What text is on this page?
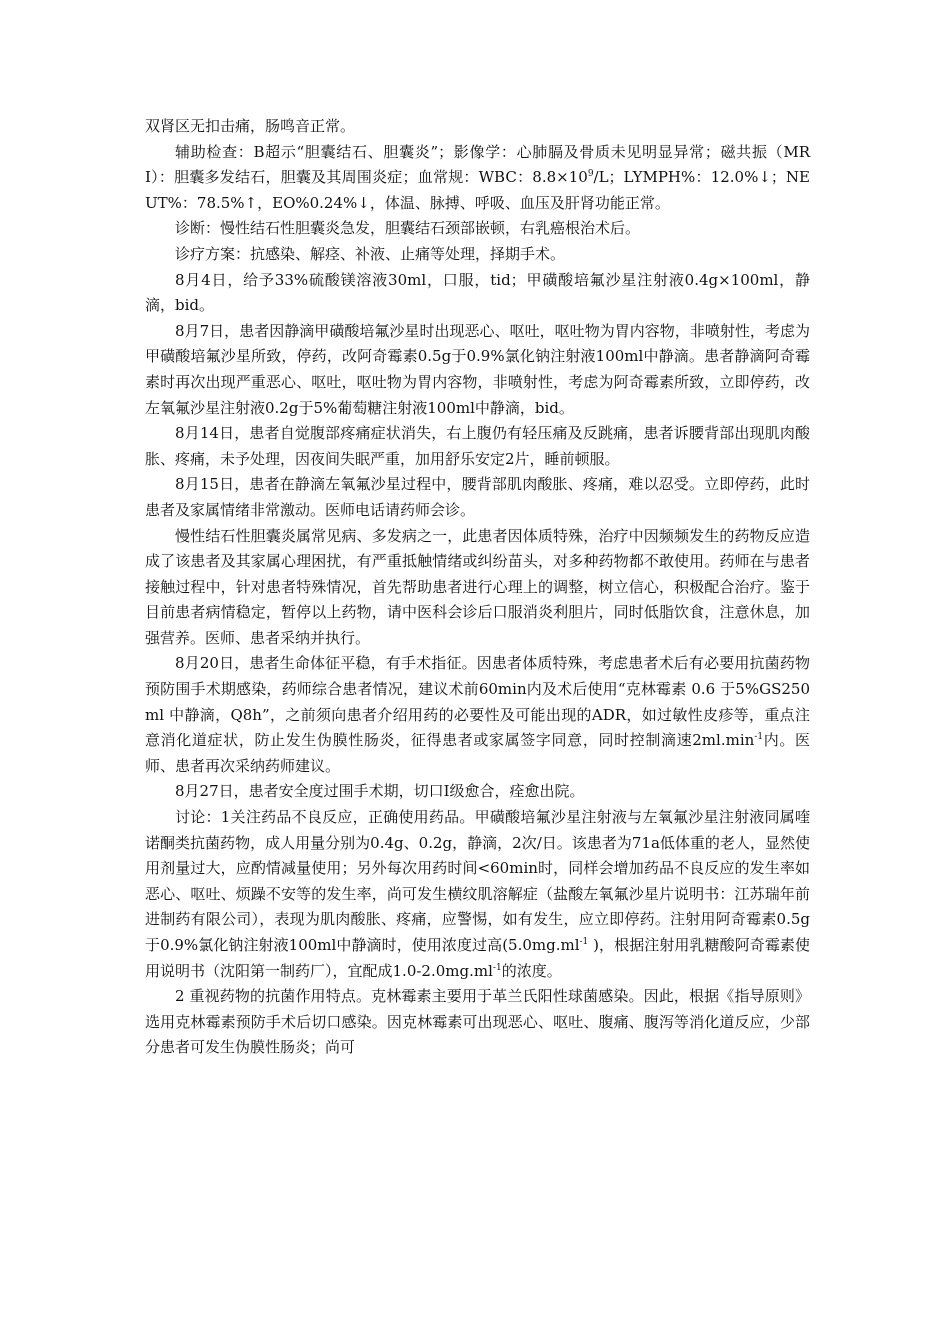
双肾区无扣击痛，肠鸣音正常。

辅助检查：B超示“胆囊结石、胆囊炎”；影像学：心肺膈及骨质未见明显异常；磁共振（MRI）：胆囊多发结石，胆囊及其周围炎症；血常规：WBC：$8.8\times 10^9/L$；LYMPH%：12.0%↓；NEUT%：78.5%↑，EO%0.24%↓，体温、脉搏、呼吸、血压及肝肾功能正常。

诊断：慢性结石性胆囊炎急发，胆囊结石颈部嵌顿，右乳癌根治术后。

诊疗方案：抗感染、解痉、补液、止痛等处理，择期手术。

8月4日，给予33%硫酸镁溶液30ml，口服，tid；甲磺酸培氟沙星注射液0.4g×100ml，静滴，bid。

8月7日，患者因静滴甲磺酸培氟沙星时出现恶心、呕吐，呕吐物为胃内容物，非喷射性，考虑为甲磺酸培氟沙星所致，停药，改阿奇霉素0.5g于0.9%氯化钠注射液100ml中静滴。患者静滴阿奇霉素时再次出现严重恶心、呕吐，呕吐物为胃内容物，非喷射性，考虑为阿奇霉素所致，立即停药，改左氧氟沙星注射液0.2g于5%葡萄糖注射液100ml中静滴，bid。

8月14日，患者自觉腹部疼痛症状消失，右上腹仍有轻压痛及反跳痛，患者诉腰背部出现肌肉酸胀、疼痛，未予处理，因夜间失眠严重，加用舒乐安定2片，睡前顿服。

8月15日，患者在静滴左氧氟沙星过程中，腰背部肌肉酸胀、疼痛，难以忍受。立即停药，此时患者及家属情绪非常激动。医师电话请药师会诊。

慢性结石性胆囊炎属常见病、多发病之一，此患者因体质特殊，治疗中因频频发生的药物反应造成了该患者及其家属心理困扰，有严重抵触情绪或纠纷苗头，对多种药物都不敢使用。药师在与患者接触过程中，针对患者特殊情况，首先帮助患者进行心理上的调整，树立信心，积极配合治疗。鉴于目前患者病情稳定，暂停以上药物，请中医科会诊后口服消炎利胆片，同时低脂饮食，注意休息，加强营养。医师、患者采纳并执行。

8月20日，患者生命体征平稳，有手术指征。因患者体质特殊，考虑患者术后有必要用抗菌药物预防围手术期感染，药师综合患者情况，建议术前60min内及术后使用“克林霉素 0.6 于5%GS250ml 中静滴，Q8h”，之前须向患者介绍用药的必要性及可能出现的ADR，如过敏性皮疹等，重点注意消化道症状，防止发生伪膜性肠炎，征得患者或家属签字同意，同时控制滴速$2ml.\min^{-1}$内。医师、患者再次采纳药师建议。

8月27日，患者安全度过围手术期，切口Ⅰ级愈合，痊愈出院。

讨论：1关注药品不良反应，正确使用药品。甲磺酸培氟沙星注射液与左氧氟沙星注射液同属喹诺酮类抗菌药物，成人用量分别为0.4g、0.2g，静滴，2次/日。该患者为71a低体重的老人，显然使用剂量过大，应酌情减量使用；另外每次用药时间<60min时，同样会增加药品不良反应的发生率如恶心、呕吐、烦躁不安等的发生率，尚可发生横纹肌溶解症（盐酸左氧氟沙星片说明书：江苏瑞年前进制药有限公司），表现为肌肉酸胀、疼痛，应警惕，如有发生，应立即停药。注射用阿奇霉素0.5g于0.9%氯化钠注射液100ml中静滴时，使用浓度过高($5.0mg.ml^{-1}$ )，根据注射用乳糖酸阿奇霉素使用说明书（沈阳第一制药厂），宜配成$1.0-2.0mg.ml^{-1}$的浓度。

2 重视药物的抗菌作用特点。克林霉素主要用于革兰氏阳性球菌感染。因此，根据《指导原则》选用克林霉素预防手术后切口感染。因克林霉素可出现恶心、呕吐、腹痛、腹泻等消化道反应，少部分患者可发生伪膜性肠炎；尚可
